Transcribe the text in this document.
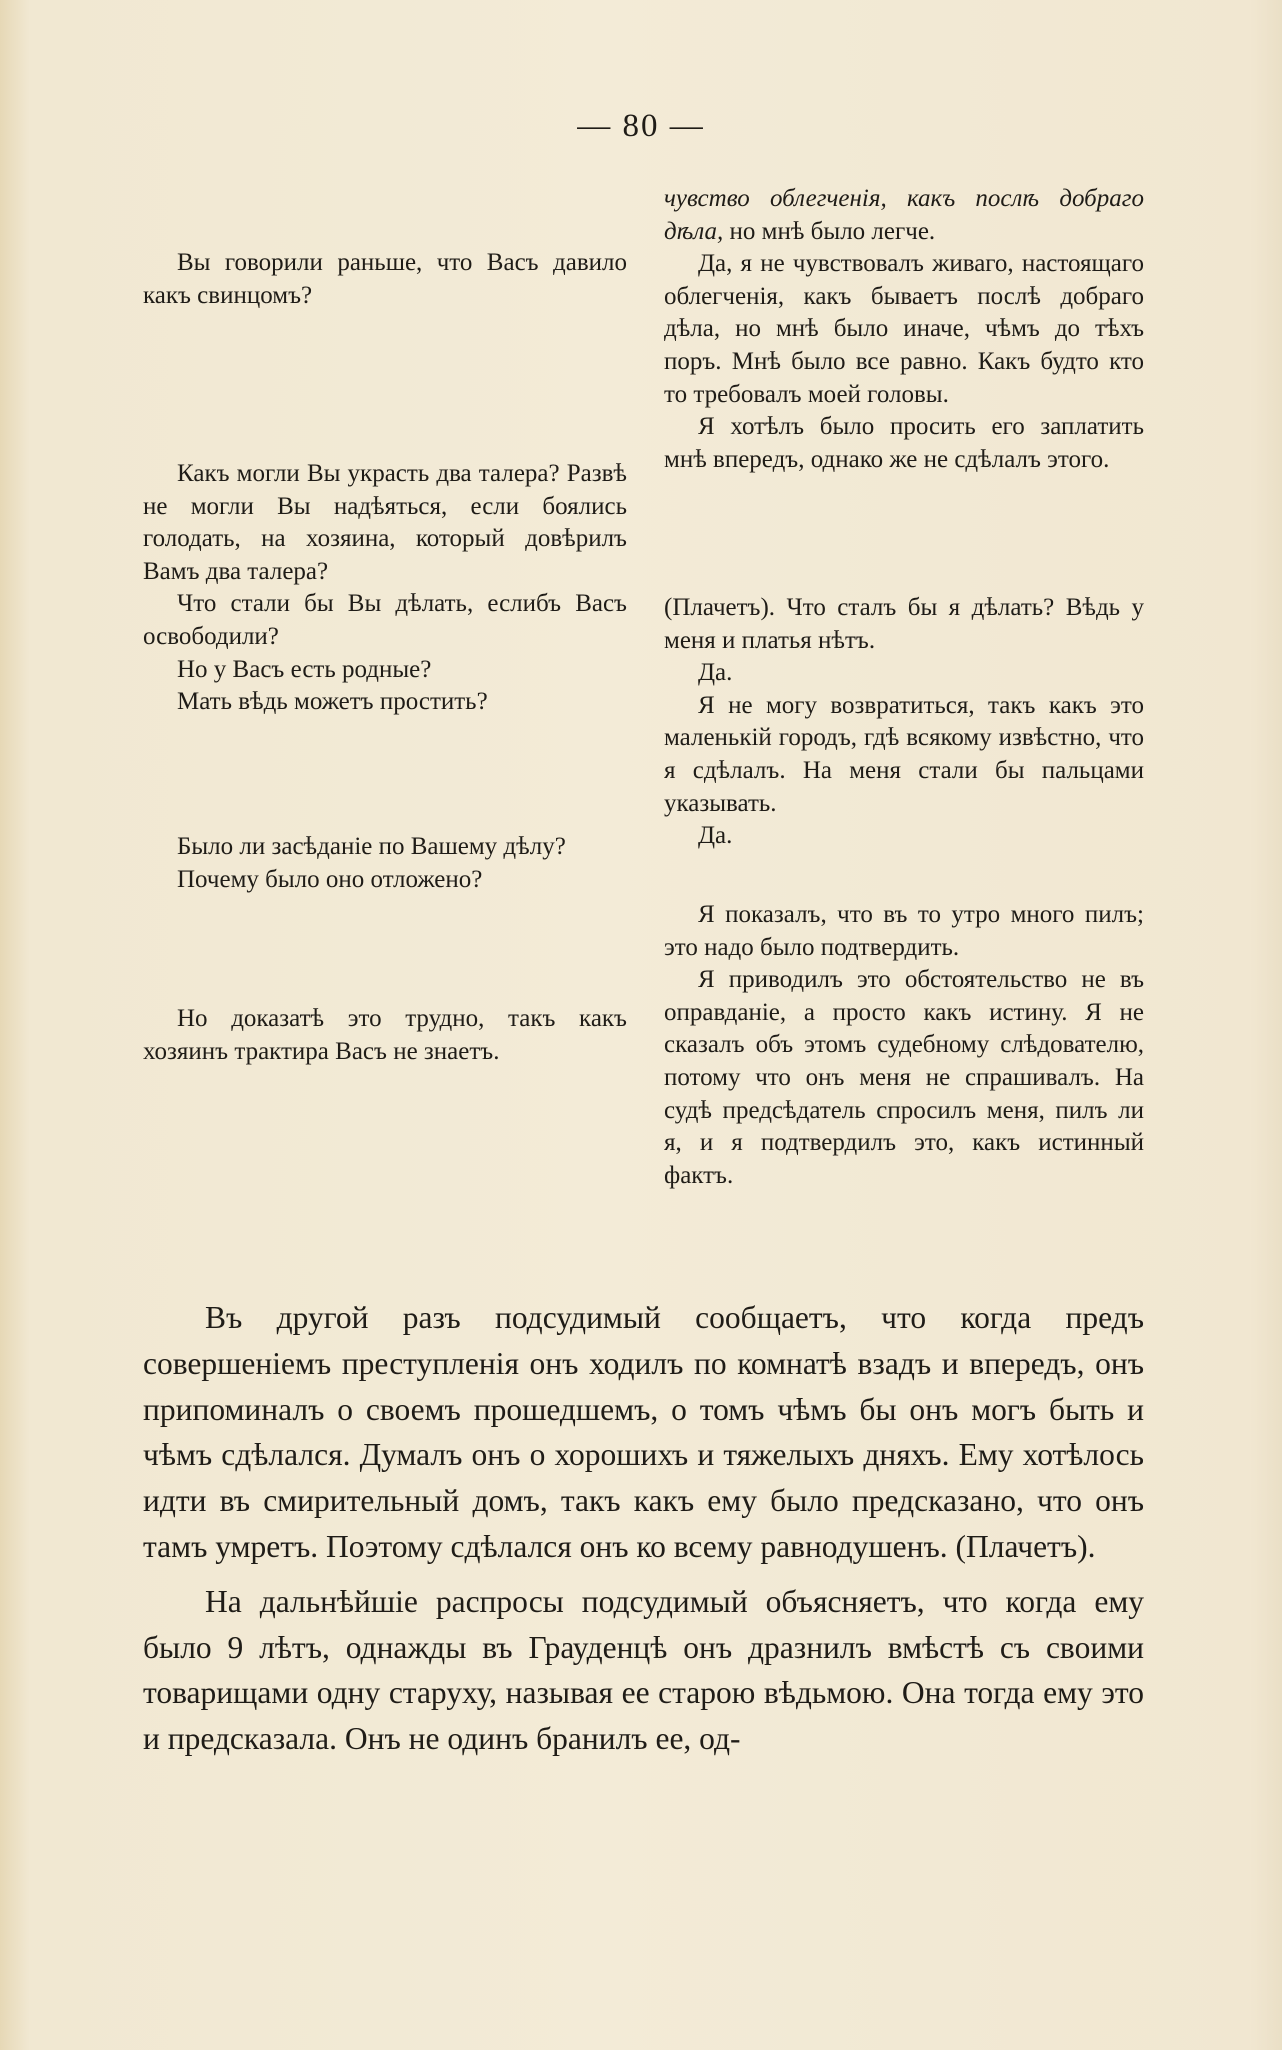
— 80 —

Вы говорили раньше, что Васъ давило какъ свинцомъ?

Какъ могли Вы украсть два талера? Развѣ не могли Вы надѣяться, если боялись голодать, на хозяина, который довѣрилъ Вамъ два талера?

Что стали бы Вы дѣлать, еслибъ Васъ освободили?

Но у Васъ есть родные?

Мать вѣдь можетъ простить?

Было ли засѣданіе по Вашему дѣлу?

Почему было оно отложено?

Но доказатѣ это трудно, такъ какъ хозяинъ трактира Васъ не знаетъ.

чувство облегченія, какъ послѣ добраго дѣла, но мнѣ было легче.

Да, я не чувствовалъ живаго, настоящаго облегченія, какъ бываетъ послѣ добраго дѣла, но мнѣ было иначе, чѣмъ до тѣхъ поръ. Мнѣ было все равно. Какъ будто кто то требовалъ моей головы.

Я хотѣлъ было просить его заплатить мнѣ впередъ, однако же не сдѣлалъ этого.

(Плачетъ). Что сталъ бы я дѣлать? Вѣдь у меня и платья нѣтъ.

Да.

Я не могу возвратиться, такъ какъ это маленькій городъ, гдѣ всякому извѣстно, что я сдѣлалъ. На меня стали бы пальцами указывать.

Да.

Я показалъ, что въ то утро много пилъ; это надо было подтвердить.

Я приводилъ это обстоятельство не въ оправданіе, а просто какъ истину. Я не сказалъ объ этомъ судебному слѣдователю, потому что онъ меня не спрашивалъ. На судѣ предсѣдатель спросилъ меня, пилъ ли я, и я подтвердилъ это, какъ истинный фактъ.

Въ другой разъ подсудимый сообщаетъ, что когда предъ совершеніемъ преступленія онъ ходилъ по комнатѣ взадъ и впередъ, онъ припоминалъ о своемъ прошедшемъ, о томъ чѣмъ бы онъ могъ быть и чѣмъ сдѣлался. Думалъ онъ о хорошихъ и тяжелыхъ дняхъ. Ему хотѣлось идти въ смирительный домъ, такъ какъ ему было предсказано, что онъ тамъ умретъ. Поэтому сдѣлался онъ ко всему равнодушенъ. (Плачетъ).

На дальнѣйшіе распросы подсудимый объясняетъ, что когда ему было 9 лѣтъ, однажды въ Грауденцѣ онъ дразнилъ вмѣстѣ съ своими товарищами одну старуху, называя ее старою вѣдьмою. Она тогда ему это и предсказала. Онъ не одинъ бранилъ ее, од-
